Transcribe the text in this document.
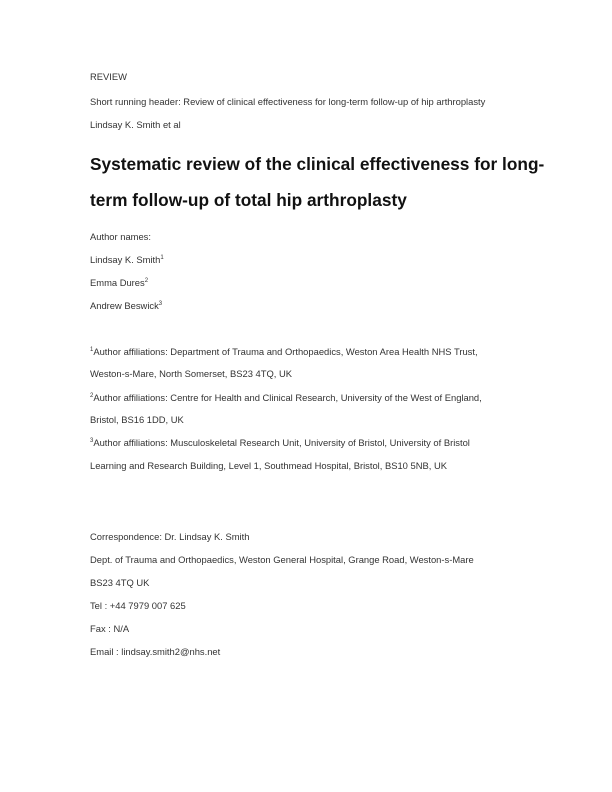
REVIEW

Short running header: Review of clinical effectiveness for long-term follow-up of hip arthroplasty

Lindsay K. Smith et al

Systematic review of the clinical effectiveness for long-
term follow-up of total hip arthroplasty

Author names:

Lindsay K. Smith$^1$

Emma Dures$^2$

Andrew Beswick$^3$

$^1$Author affiliations: Department of Trauma and Orthopaedics, Weston Area Health NHS Trust,

Weston-s-Mare, North Somerset, BS23 4TQ, UK

$^2$Author affiliations: Centre for Health and Clinical Research, University of the West of England,

Bristol, BS16 1DD, UK

$^3$Author affiliations: Musculoskeletal Research Unit, University of Bristol, University of Bristol

Learning and Research Building, Level 1, Southmead Hospital, Bristol, BS10 5NB, UK

Correspondence: Dr. Lindsay K. Smith

Dept. of Trauma and Orthopaedics, Weston General Hospital, Grange Road, Weston-s-Mare

BS23 4TQ UK

Tel : +44 7979 007 625

Fax : N/A

Email : lindsay.smith2@nhs.net
